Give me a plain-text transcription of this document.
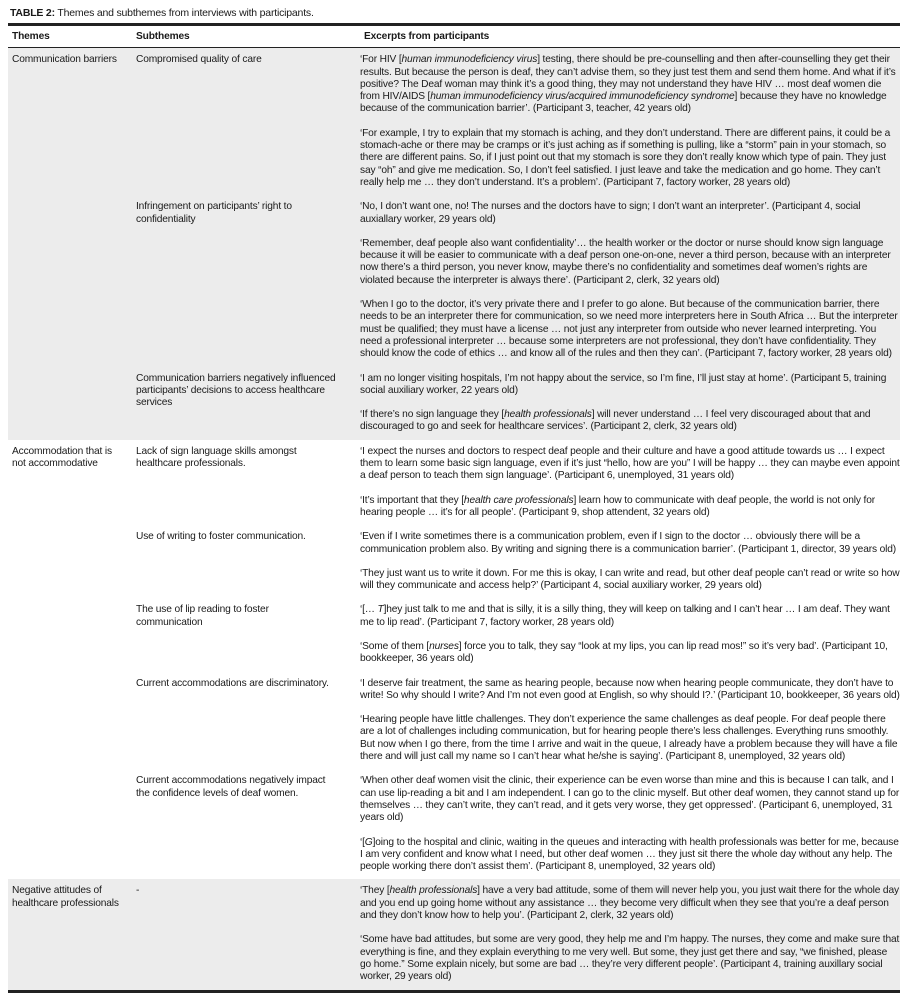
TABLE 2: Themes and subthemes from interviews with participants.
Themes	Subthemes	Excerpts from participants
Communication barriers	Compromised quality of care	‘For HIV [human immunodeficiency virus] testing, there should be pre-counselling and then after-counselling they get their results. But because the person is deaf, they can’t advise them, so they just test them and send them home. And what if it’s positive? The Deaf woman may think it’s a good thing, they may not understand they have HIV … most deaf women die from HIV/AIDS [human immunodeficiency virus/acquired immunodeficiency syndrome] because they have no knowledge because of the communication barrier’. (Participant 3, teacher, 42 years old)

‘For example, I try to explain that my stomach is aching, and they don’t understand. There are different pains, it could be a stomach-ache or there may be cramps or it’s just aching as if something is pulling, like a “storm” pain in your stomach, so there are different pains. So, if I just point out that my stomach is sore they don’t really know which type of pain. They just say “oh” and give me medication. So, I don’t feel satisfied. I just leave and take the medication and go home. They can’t really help me … they don’t understand. It’s a problem’. (Participant 7, factory worker, 28 years old)

	Infringement on participants’ right to confidentiality	‘No, I don’t want one, no! The nurses and the doctors have to sign; I don’t want an interpreter’. (Participant 4, social auxiallary worker, 29 years old)

‘Remember, deaf people also want confidentiality’… the health worker or the doctor or nurse should know sign language because it will be easier to communicate with a deaf person one-on-one, never a third person, because with an interpreter now there’s a third person, you never know, maybe there’s no confidentiality and sometimes deaf women’s rights are violated because the interpreter is always there’. (Participant 2, clerk, 32 years old)

‘When I go to the doctor, it’s very private there and I prefer to go alone. But because of the communication barrier, there needs to be an interpreter there for communication, so we need more interpreters here in South Africa … But the interpreter must be qualified; they must have a license … not just any interpreter from outside who never learned interpreting. You need a professional interpreter … because some interpreters are not professional, they don’t have confidentiality. They should know the code of ethics … and know all of the rules and then they can’. (Participant 7, factory worker, 28 years old)

	Communication barriers negatively influenced participants’ decisions to access healthcare services	‘I am no longer visiting hospitals, I’m not happy about the service, so I’m fine, I’ll just stay at home’. (Participant 5, training social auxiliary worker, 22 years old)

‘If there’s no sign language they [health professionals] will never understand … I feel very discouraged about that and discouraged to go and seek for healthcare services’. (Participant 2, clerk, 32 years old)

Accommodation that is not accommodative	Lack of sign language skills amongst healthcare professionals.	‘I expect the nurses and doctors to respect deaf people and their culture and have a good attitude towards us … I expect them to learn some basic sign language, even if it’s just “hello, how are you” I will be happy … they can maybe even appoint a deaf person to teach them sign language’. (Participant 6, unemployed, 31 years old)

‘It’s important that they [health care professionals] learn how to communicate with deaf people, the world is not only for hearing people … it’s for all people’. (Participant 9, shop attendent, 32 years old)

	Use of writing to foster communication.	‘Even if I write sometimes there is a communication problem, even if I sign to the doctor … obviously there will be a communication problem also. By writing and signing there is a communication barrier’. (Participant 1, director, 39 years old)

‘They just want us to write it down. For me this is okay, I can write and read, but other deaf people can’t read or write so how will they communicate and access help?’ (Participant 4, social auxiliary worker, 29 years old)

	The use of lip reading to foster communication	‘[… T]hey just talk to me and that is silly, it is a silly thing, they will keep on talking and I can’t hear … I am deaf. They want me to lip read’. (Participant 7, factory worker, 28 years old)

‘Some of them [nurses] force you to talk, they say “look at my lips, you can lip read mos!” so it’s very bad’. (Participant 10, bookkeeper, 36 years old)

	Current accommodations are discriminatory.	‘I deserve fair treatment, the same as hearing people, because now when hearing people communicate, they don’t have to write! So why should I write? And I’m not even good at English, so why should I?.’ (Participant 10, bookkeeper, 36 years old)

‘Hearing people have little challenges. They don’t experience the same challenges as deaf people. For deaf people there are a lot of challenges including communication, but for hearing people there’s less challenges. Everything runs smoothly. But now when I go there, from the time I arrive and wait in the queue, I already have a problem because they will have a file there and will just call my name so I can’t hear what he/she is saying’. (Participant 8, unemployed, 32 years old)

	Current accommodations negatively impact the confidence levels of deaf women.	‘When other deaf women visit the clinic, their experience can be even worse than mine and this is because I can talk, and I can use lip-reading a bit and I am independent. I can go to the clinic myself. But other deaf women, they cannot stand up for themselves … they can’t write, they can’t read, and it gets very worse, they get oppressed’. (Participant 6, unemployed, 31 years old)

‘[G]oing to the hospital and clinic, waiting in the queues and interacting with health professionals was better for me, because I am very confident and know what I need, but other deaf women … they just sit there the whole day without any help. The people working there don’t assist them’. (Participant 8, unemployed, 32 years old)

Negative attitudes of healthcare professionals	-	‘They [health professionals] have a very bad attitude, some of them will never help you, you just wait there for the whole day and you end up going home without any assistance … they become very difficult when they see that you’re a deaf person and they don’t know how to help you’. (Participant 2, clerk, 32 years old)

‘Some have bad attitudes, but some are very good, they help me and I’m happy. The nurses, they come and make sure that everything is fine, and they explain everything to me very well. But some, they just get there and say, “we finished, please go home.” Some explain nicely, but some are bad … they’re very different people’. (Participant 4, training auxillary social worker, 29 years old)
